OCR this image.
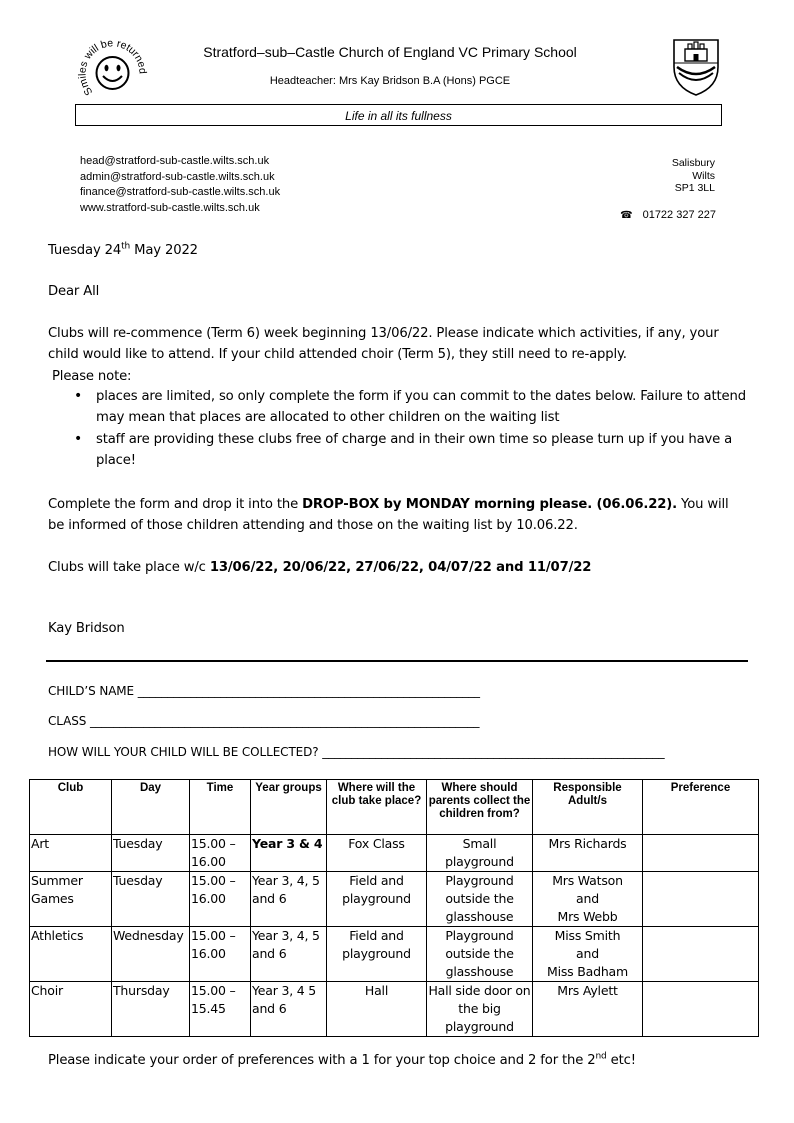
Smiles will be returned
Stratford–sub–Castle Church of England VC Primary School
Headteacher: Mrs Kay Bridson B.A (Hons) PGCE
Life in all its fullness
head@stratford-sub-castle.wilts.sch.uk
admin@stratford-sub-castle.wilts.sch.uk
finance@stratford-sub-castle.wilts.sch.uk
www.stratford-sub-castle.wilts.sch.uk
Salisbury
Wilts
SP1 3LL
☎ 01722 327 227
Tuesday 24th May 2022
Dear All
Clubs will re-commence (Term 6) week beginning 13/06/22. Please indicate which activities, if any, your child would like to attend. If your child attended choir (Term 5), they still need to re-apply.
Please note:
• places are limited, so only complete the form if you can commit to the dates below. Failure to attend may mean that places are allocated to other children on the waiting list
• staff are providing these clubs free of charge and in their own time so please turn up if you have a place!
Complete the form and drop it into the DROP-BOX by MONDAY morning please. (06.06.22). You will be informed of those children attending and those on the waiting list by 10.06.22.
Clubs will take place w/c 13/06/22, 20/06/22, 27/06/22, 04/07/22 and 11/07/22
Kay Bridson
CHILD’S NAME __________________________________________________________
CLASS __________________________________________________________________
HOW WILL YOUR CHILD WILL BE COLLECTED? __________________________________________________________
Club	Day	Time	Year groups	Where will the club take place?	Where should parents collect the children from?	Responsible Adult/s	Preference
Art	Tuesday	15.00 – 16.00	Year 3 & 4	Fox Class	Small playground	Mrs Richards	

Summer Games	Tuesday	15.00 – 16.00	Year 3, 4, 5 and 6	Field and playground	Playground outside the glasshouse	Mrs Watson
and
Mrs Webb	

Athletics	Wednesday	15.00 – 16.00	Year 3, 4, 5 and 6	Field and playground	Playground outside the glasshouse	Miss Smith
and
Miss Badham	

Choir	Thursday	15.00 – 15.45	Year 3, 4 5 and 6	Hall	Hall side door on the big playground	Mrs Aylett	

Please indicate your order of preferences with a 1 for your top choice and 2 for the 2nd etc!
